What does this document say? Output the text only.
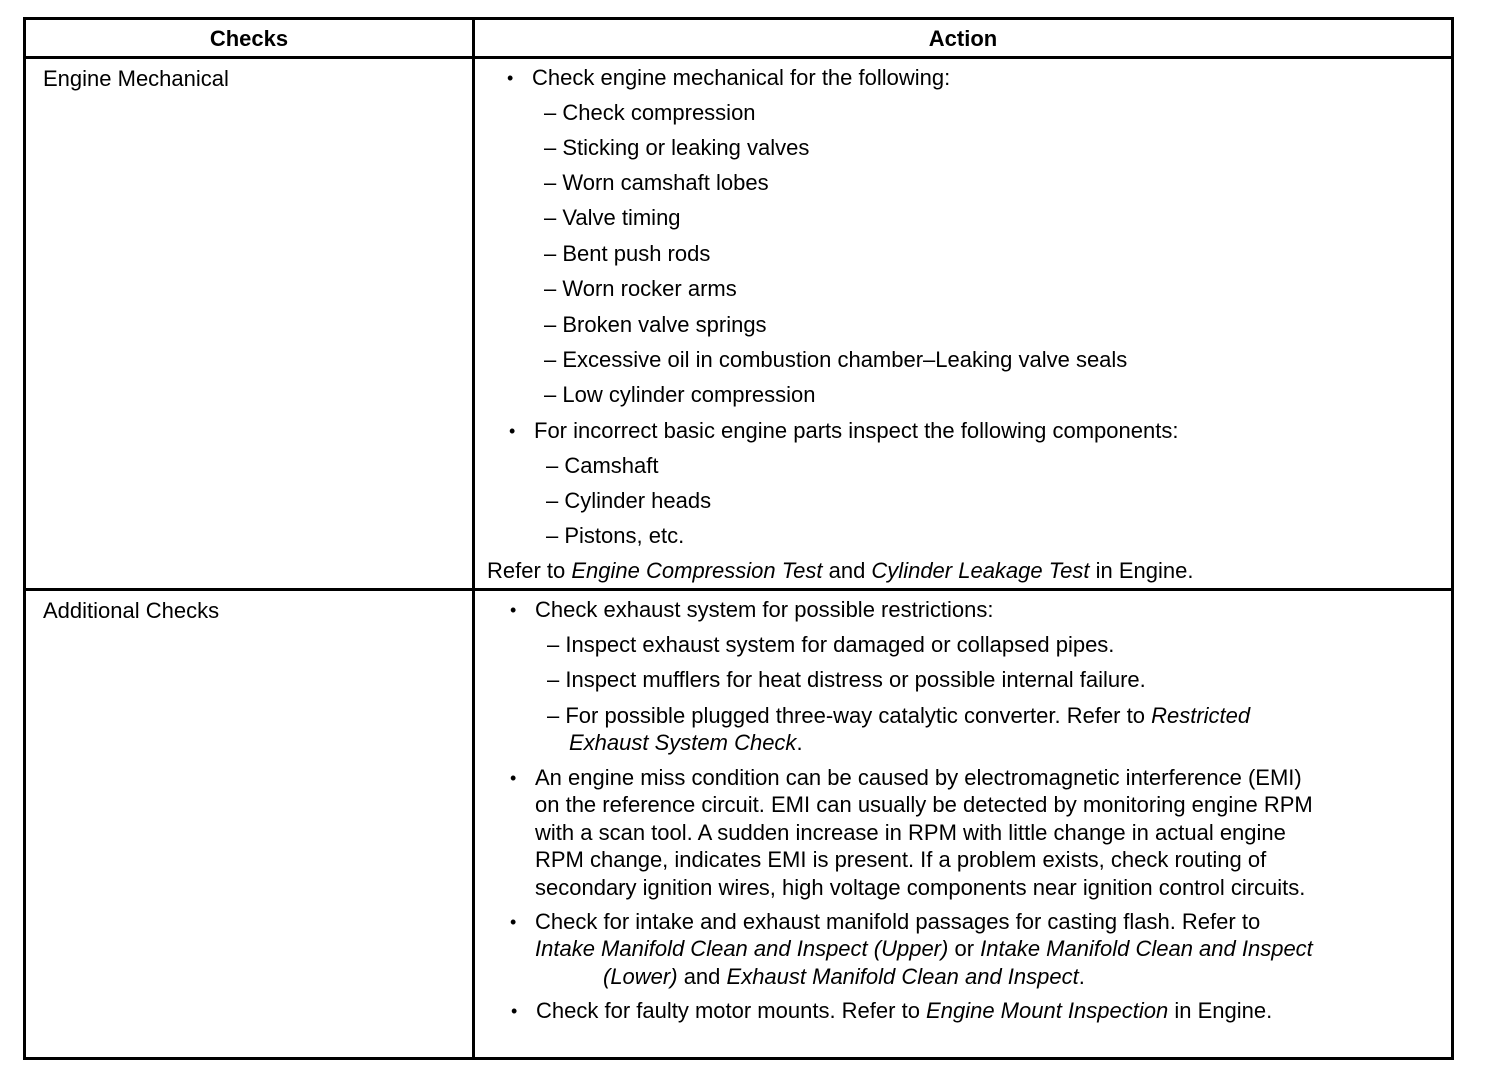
Checks	Action
Engine Mechanical	• Check engine mechanical for the following:
– Check compression
– Sticking or leaking valves
– Worn camshaft lobes
– Valve timing
– Bent push rods
– Worn rocker arms
– Broken valve springs
– Excessive oil in combustion chamber–Leaking valve seals
– Low cylinder compression
• For incorrect basic engine parts inspect the following components:
– Camshaft
– Cylinder heads
– Pistons, etc.
Refer to Engine Compression Test and Cylinder Leakage Test in Engine.
Additional Checks	• Check exhaust system for possible restrictions:
– Inspect exhaust system for damaged or collapsed pipes.
– Inspect mufflers for heat distress or possible internal failure.
– For possible plugged three-way catalytic converter. Refer to Restricted
Exhaust System Check.
• An engine miss condition can be caused by electromagnetic interference (EMI)
on the reference circuit. EMI can usually be detected by monitoring engine RPM
with a scan tool. A sudden increase in RPM with little change in actual engine
RPM change, indicates EMI is present. If a problem exists, check routing of
secondary ignition wires, high voltage components near ignition control circuits.
• Check for intake and exhaust manifold passages for casting flash. Refer to
Intake Manifold Clean and Inspect (Upper) or Intake Manifold Clean and Inspect
(Lower) and Exhaust Manifold Clean and Inspect.
• Check for faulty motor mounts. Refer to Engine Mount Inspection in Engine.
